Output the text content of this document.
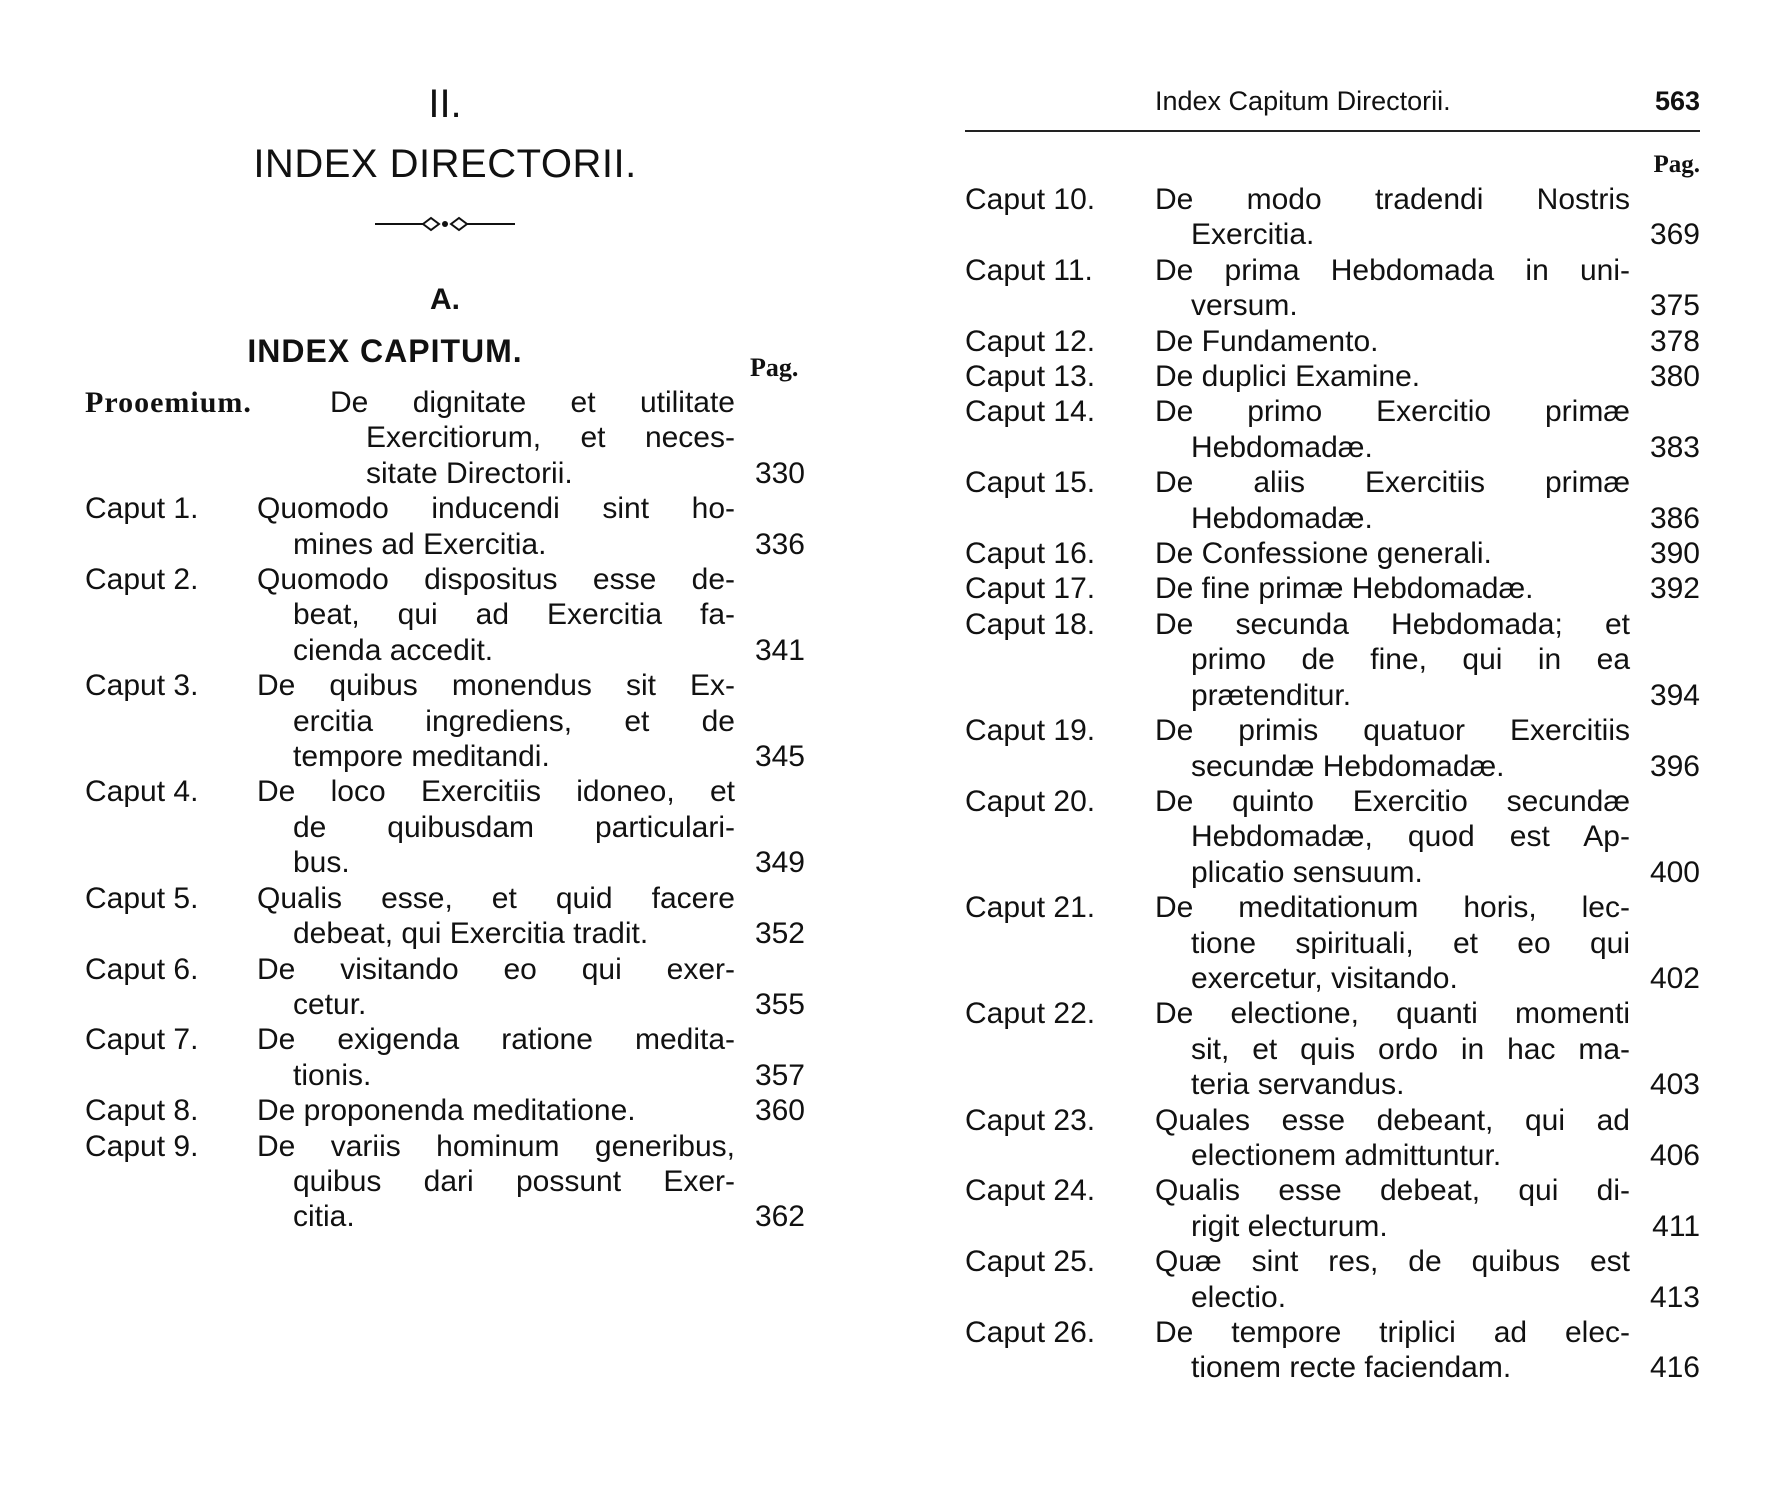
II.
INDEX DIRECTORII.
A.
INDEX CAPITUM.	Pag.
Prooemium.	De dignitate et utilitate
Exercitiorum, et neces-
sitate Directorii.	330
Caput 1.	Quomodo inducendi sint ho-
mines ad Exercitia.	336
Caput 2.	Quomodo dispositus esse de-
beat, qui ad Exercitia fa-
cienda accedit.	341
Caput 3.	De quibus monendus sit Ex-
ercitia ingrediens, et de
tempore meditandi.	345
Caput 4.	De loco Exercitiis idoneo, et
de quibusdam particulari-
bus.	349
Caput 5.	Qualis esse, et quid facere
debeat, qui Exercitia tradit.	352
Caput 6.	De visitando eo qui exer-
cetur.	355
Caput 7.	De exigenda ratione medita-
tionis.	357
Caput 8.	De proponenda meditatione.	360
Caput 9.	De variis hominum generibus,
quibus dari possunt Exer-
citia.	362
Index Capitum Directorii.	563
Pag.
Caput 10.	De modo tradendi Nostris
Exercitia.	369
Caput 11.	De prima Hebdomada in uni-
versum.	375
Caput 12.	De Fundamento.	378
Caput 13.	De duplici Examine.	380
Caput 14.	De primo Exercitio primæ
Hebdomadæ.	383
Caput 15.	De aliis Exercitiis primæ
Hebdomadæ.	386
Caput 16.	De Confessione generali.	390
Caput 17.	De fine primæ Hebdomadæ.	392
Caput 18.	De secunda Hebdomada; et
primo de fine, qui in ea
prætenditur.	394
Caput 19.	De primis quatuor Exercitiis
secundæ Hebdomadæ.	396
Caput 20.	De quinto Exercitio secundæ
Hebdomadæ, quod est Ap-
plicatio sensuum.	400
Caput 21.	De meditationum horis, lec-
tione spirituali, et eo qui
exercetur, visitando.	402
Caput 22.	De electione, quanti momenti
sit, et quis ordo in hac ma-
teria servandus.	403
Caput 23.	Quales esse debeant, qui ad
electionem admittuntur.	406
Caput 24.	Qualis esse debeat, qui di-
rigit electurum.	411
Caput 25.	Quæ sint res, de quibus est
electio.	413
Caput 26.	De tempore triplici ad elec-
tionem recte faciendam.	416
